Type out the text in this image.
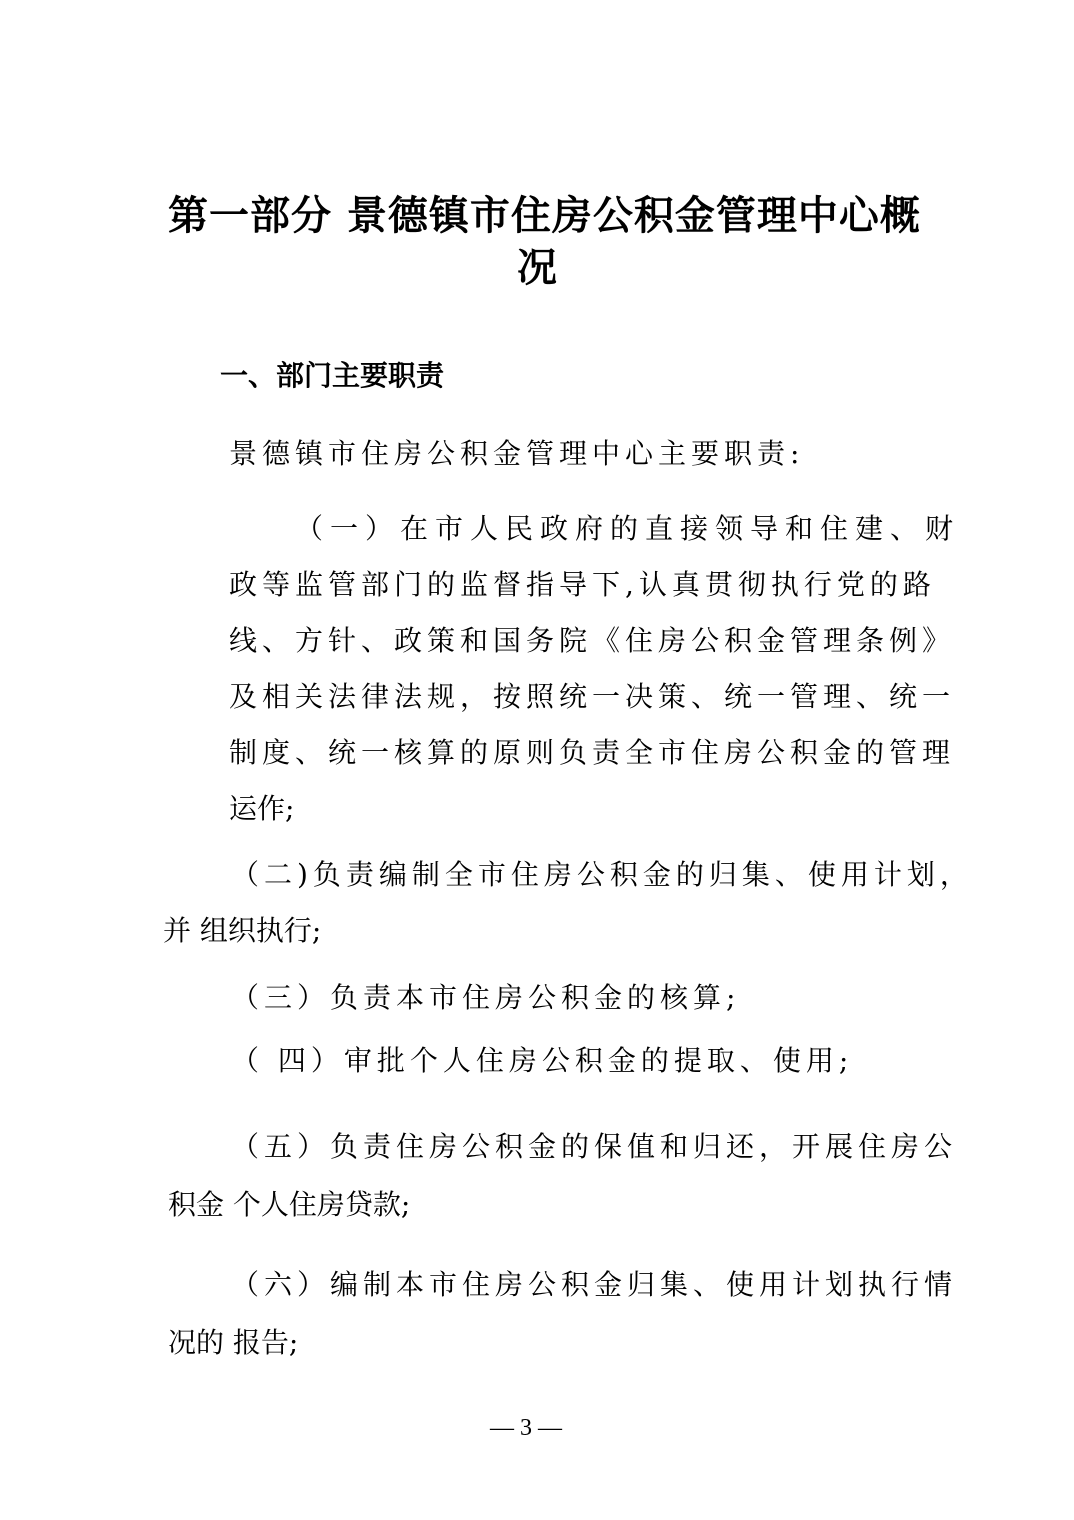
第一部分 景德镇市住房公积金管理中心概
况
一、部门主要职责
景德镇市住房公积金管理中心主要职责:
（一）在市人民政府的直接领导和住建、财
政等监管部门的监督指导下,认真贯彻执行党的路
线、方针、政策和国务院《住房公积金管理条例》
及相关法律法规，按照统一决策、统一管理、统一
制度、统一核算的原则负责全市住房公积金的管理
运作;
（二)负责编制全市住房公积金的归集、使用计划，
并 组织执行;
（三）负责本市住房公积金的核算;
（ 四）审批个人住房公积金的提取、使用;
（五）负责住房公积金的保值和归还，开展住房公
积金 个人住房贷款;
（六）编制本市住房公积金归集、使用计划执行情
况的 报告;
— 3 —
